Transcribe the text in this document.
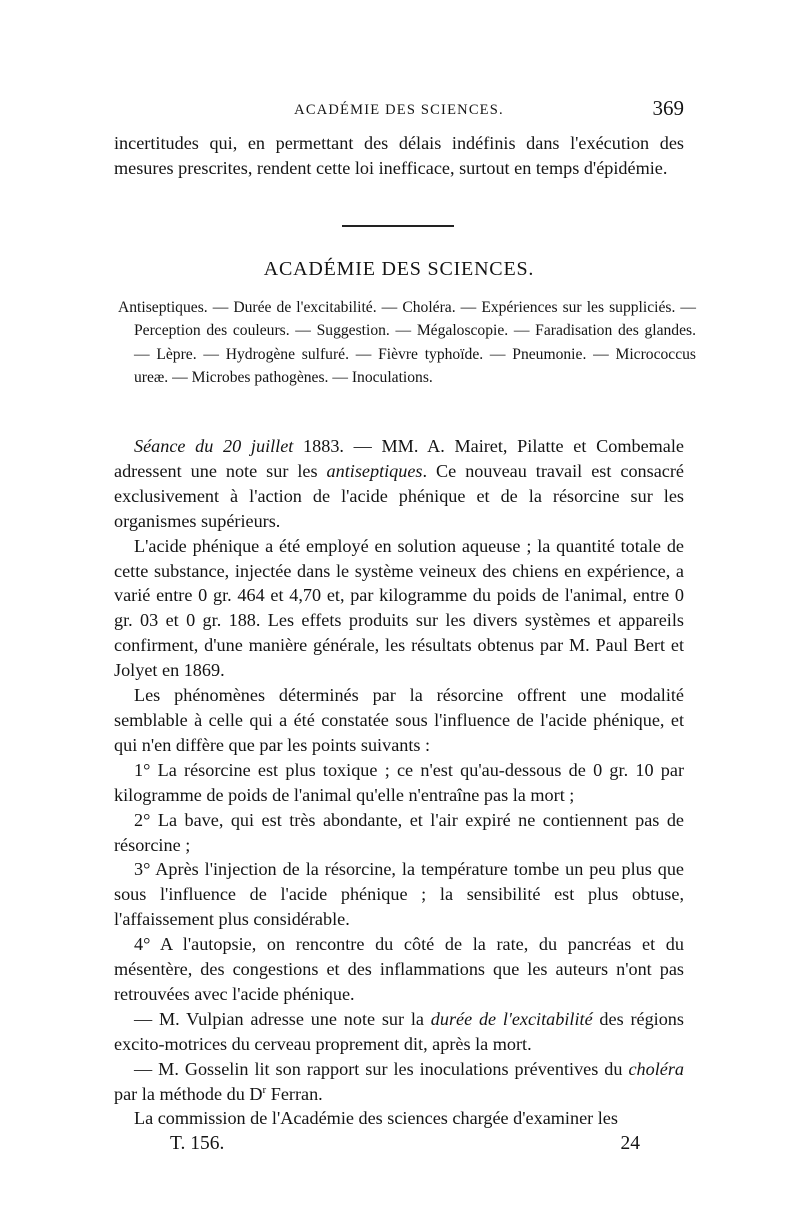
ACADÉMIE DES SCIENCES.	369

incertitudes qui, en permettant des délais indéfinis dans l'exécution des mesures prescrites, rendent cette loi inefficace, surtout en temps d'épidémie.

ACADÉMIE DES SCIENCES.
Antiseptiques. — Durée de l'excitabilité. — Choléra. — Expériences sur les suppliciés. — Perception des couleurs. — Suggestion. — Mégaloscopie. — Faradisation des glandes. — Lèpre. — Hydrogène sulfuré. — Fièvre typhoïde. — Pneumonie. — Micrococcus ureæ. — Microbes pathogènes. — Inoculations.

Séance du 20 juillet 1883. — MM. A. Mairet, Pilatte et Combemale adressent une note sur les antiseptiques. Ce nouveau travail est consacré exclusivement à l'action de l'acide phénique et de la résorcine sur les organismes supérieurs.

L'acide phénique a été employé en solution aqueuse ; la quantité totale de cette substance, injectée dans le système veineux des chiens en expérience, a varié entre 0 gr. 464 et 4,70 et, par kilogramme du poids de l'animal, entre 0 gr. 03 et 0 gr. 188. Les effets produits sur les divers systèmes et appareils confirment, d'une manière générale, les résultats obtenus par M. Paul Bert et Jolyet en 1869.

Les phénomènes déterminés par la résorcine offrent une modalité semblable à celle qui a été constatée sous l'influence de l'acide phénique, et qui n'en diffère que par les points suivants :

1° La résorcine est plus toxique ; ce n'est qu'au-dessous de 0 gr. 10 par kilogramme de poids de l'animal qu'elle n'entraîne pas la mort ;

2° La bave, qui est très abondante, et l'air expiré ne contiennent pas de résorcine ;

3° Après l'injection de la résorcine, la température tombe un peu plus que sous l'influence de l'acide phénique ; la sensibilité est plus obtuse, l'affaissement plus considérable.

4° A l'autopsie, on rencontre du côté de la rate, du pancréas et du mésentère, des congestions et des inflammations que les auteurs n'ont pas retrouvées avec l'acide phénique.

— M. Vulpian adresse une note sur la durée de l'excitabilité des régions excito-motrices du cerveau proprement dit, après la mort.

— M. Gosselin lit son rapport sur les inoculations préventives du choléra par la méthode du $D^r$ Ferran.

La commission de l'Académie des sciences chargée d'examiner les

T. 156.	24
